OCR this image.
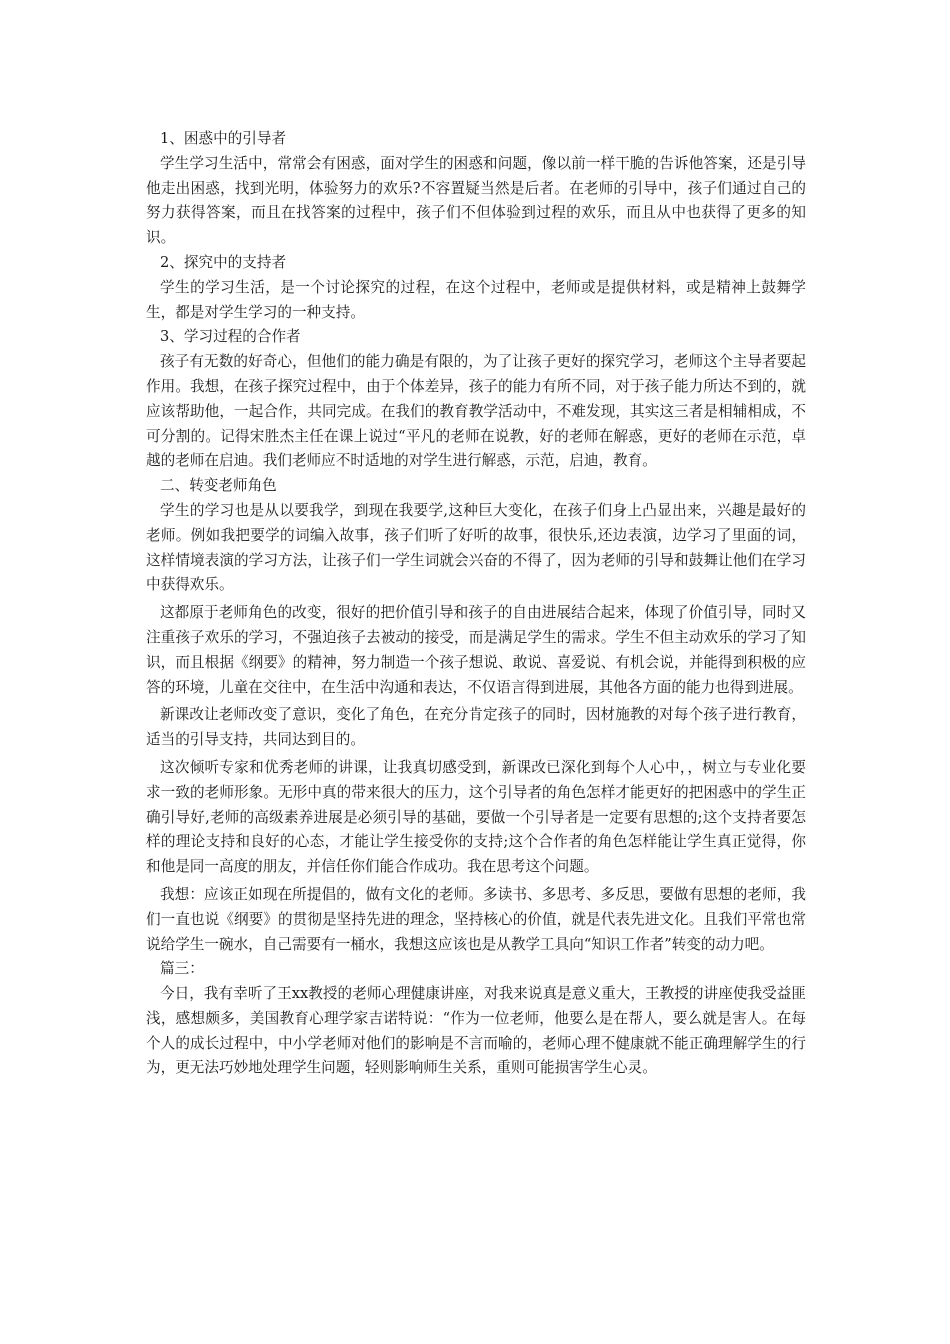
1、困惑中的引导者

学生学习生活中，常常会有困惑，面对学生的困惑和问题，像以前一样干脆的告诉他答案，还是引导他走出困惑，找到光明，体验努力的欢乐?不容置疑当然是后者。在老师的引导中，孩子们通过自己的努力获得答案，而且在找答案的过程中，孩子们不但体验到过程的欢乐，而且从中也获得了更多的知识。

2、探究中的支持者

学生的学习生活，是一个讨论探究的过程，在这个过程中，老师或是提供材料，或是精神上鼓舞学生，都是对学生学习的一种支持。

3、学习过程的合作者

孩子有无数的好奇心，但他们的能力确是有限的，为了让孩子更好的探究学习，老师这个主导者要起作用。我想，在孩子探究过程中，由于个体差异，孩子的能力有所不同，对于孩子能力所达不到的，就应该帮助他，一起合作，共同完成。在我们的教育教学活动中，不难发现，其实这三者是相辅相成，不可分割的。记得宋胜杰主任在课上说过“平凡的老师在说教，好的老师在解惑，更好的老师在示范，卓越的老师在启迪。我们老师应不时适地的对学生进行解惑，示范，启迪，教育。

二、转变老师角色

学生的学习也是从以要我学，到现在我要学,这种巨大变化，在孩子们身上凸显出来，兴趣是最好的老师。例如我把要学的词编入故事，孩子们听了好听的故事，很快乐,还边表演，边学习了里面的词，这样情境表演的学习方法，让孩子们一学生词就会兴奋的不得了，因为老师的引导和鼓舞让他们在学习中获得欢乐。

这都原于老师角色的改变，很好的把价值引导和孩子的自由进展结合起来，体现了价值引导，同时又注重孩子欢乐的学习，不强迫孩子去被动的接受，而是满足学生的需求。学生不但主动欢乐的学习了知识，而且根据《纲要》的精神，努力制造一个孩子想说、敢说、喜爱说、有机会说，并能得到积极的应答的环境，儿童在交往中，在生活中沟通和表达，不仅语言得到进展，其他各方面的能力也得到进展。

新课改让老师改变了意识，变化了角色，在充分肯定孩子的同时，因材施教的对每个孩子进行教育，适当的引导支持，共同达到目的。

这次倾听专家和优秀老师的讲课，让我真切感受到，新课改已深化到每个人心中，，树立与专业化要求一致的老师形象。无形中真的带来很大的压力，这个引导者的角色怎样才能更好的把困惑中的学生正确引导好,老师的高级素养进展是必须引导的基础，要做一个引导者是一定要有思想的;这个支持者要怎样的理论支持和良好的心态，才能让学生接受你的支持;这个合作者的角色怎样能让学生真正觉得，你和他是同一高度的朋友，并信任你们能合作成功。我在思考这个问题。

我想：应该正如现在所提倡的，做有文化的老师。多读书、多思考、多反思，要做有思想的老师，我们一直也说《纲要》的贯彻是坚持先进的理念，坚持核心的价值，就是代表先进文化。且我们平常也常说给学生一碗水，自己需要有一桶水，我想这应该也是从教学工具向“知识工作者”转变的动力吧。

篇三：

今日，我有幸听了王xx教授的老师心理健康讲座，对我来说真是意义重大，王教授的讲座使我受益匪浅，感想颇多，美国教育心理学家吉诺特说：“作为一位老师，他要么是在帮人，要么就是害人。在每个人的成长过程中，中小学老师对他们的影响是不言而喻的，老师心理不健康就不能正确理解学生的行为，更无法巧妙地处理学生问题，轻则影响师生关系，重则可能损害学生心灵。
